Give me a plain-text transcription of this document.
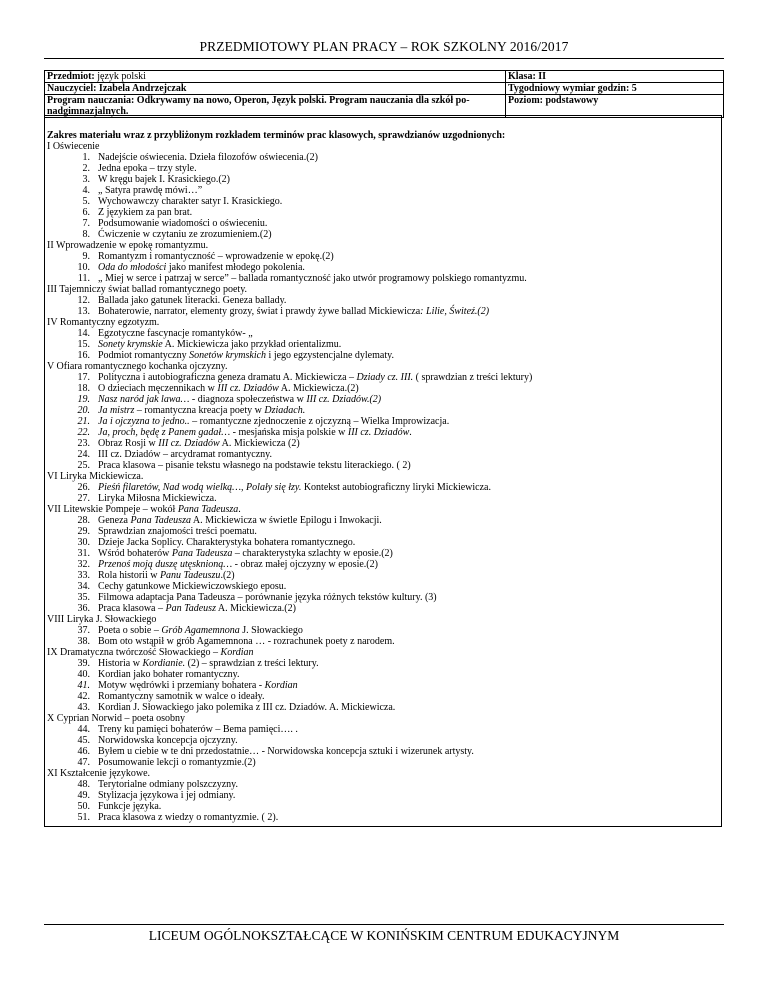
PRZEDMIOTOWY PLAN PRACY – ROK SZKOLNY 2016/2017
Przedmiot: język polski	Klasa: II
Nauczyciel: Izabela Andrzejczak	Tygodniowy wymiar godzin: 5
Program nauczania: Odkrywamy na nowo, Operon, Język polski. Program nauczania dla szkół po-
nadgimnazjalnych.	Poziom: podstawowy
Zakres materiału wraz z przybliżonym rozkładem terminów prac klasowych, sprawdzianów uzgodnionych:
I Oświecenie
1. Nadejście oświecenia. Dzieła filozofów oświecenia.(2)
2. Jedna epoka – trzy style.
3. W kręgu bajek I. Krasickiego.(2)
4. „ Satyra prawdę mówi…”
5. Wychowawczy charakter satyr I. Krasickiego.
6. Z językiem za pan brat.
7. Podsumowanie wiadomości o oświeceniu.
8. Ćwiczenie w czytaniu ze zrozumieniem.(2)
II Wprowadzenie w epokę romantyzmu.
9. Romantyzm i romantyczność – wprowadzenie w epokę.(2)
10. Oda do młodości jako manifest młodego pokolenia.
11. „ Miej w serce i patrzaj w serce” – ballada romantyczność jako utwór programowy polskiego romantyzmu.
III Tajemniczy świat ballad romantycznego poety.
12. Ballada jako gatunek literacki. Geneza ballady.
13. Bohaterowie, narrator, elementy grozy, świat i prawdy żywe ballad Mickiewicza: Lilie, Świteź.(2)
IV Romantyczny egzotyzm.
14. Egzotyczne fascynacje romantyków- „
15. Sonety krymskie A. Mickiewicza jako przykład orientalizmu.
16. Podmiot romantyczny Sonetów krymskich i jego egzystencjalne dylematy.
V Ofiara romantycznego kochanka ojczyzny.
17. Polityczna i autobiograficzna geneza dramatu A. Mickiewicza – Dziady cz. III. ( sprawdzian z treści lektury)
18. O dzieciach męczennikach w III cz. Dziadów A. Mickiewicza.(2)
19. Nasz naród jak lawa… - diagnoza społeczeństwa w III cz. Dziadów.(2)
20. Ja mistrz – romantyczna kreacja poety w Dziadach.
21. Ja i ojczyzna to jedno.. – romantyczne zjednoczenie z ojczyzną – Wielka Improwizacja.
22. Ja, proch, będę z Panem gadał… - mesjańska misja polskie w III cz. Dziadów.
23. Obraz Rosji w III cz. Dziadów A. Mickiewicza (2)
24. III cz. Dziadów – arcydramat romantyczny.
25. Praca klasowa – pisanie tekstu własnego na podstawie tekstu literackiego. ( 2)
VI Liryka Mickiewicza.
26. Pieśń filaretów, Nad wodą wielką…, Polały się łzy. Kontekst autobiograficzny liryki Mickiewicza.
27. Liryka Miłosna Mickiewicza.
VII Litewskie Pompeje – wokół Pana Tadeusza.
28. Geneza Pana Tadeusza A. Mickiewicza w świetle Epilogu i Inwokacji.
29. Sprawdzian znajomości treści poematu.
30. Dzieje Jacka Soplicy. Charakterystyka bohatera romantycznego.
31. Wśród bohaterów Pana Tadeusza – charakterystyka szlachty w eposie.(2)
32. Przenoś moją duszę utęsknioną… - obraz małej ojczyzny w eposie.(2)
33. Rola historii w Panu Tadeuszu.(2)
34. Cechy gatunkowe Mickiewiczowskiego eposu.
35. Filmowa adaptacja Pana Tadeusza – porównanie języka różnych tekstów kultury. (3)
36. Praca klasowa – Pan Tadeusz A. Mickiewicza.(2)
VIII Liryka J. Słowackiego
37. Poeta o sobie – Grób Agamemnona J. Słowackiego
38. Bom oto wstąpił w grób Agamemnona … - rozrachunek poety z narodem.
IX Dramatyczna twórczość Słowackiego – Kordian
39. Historia w Kordianie. (2) – sprawdzian z treści lektury.
40. Kordian jako bohater romantyczny.
41. Motyw wędrówki i przemiany bohatera - Kordian
42. Romantyczny samotnik w walce o ideały.
43. Kordian J. Słowackiego jako polemika z III cz. Dziadów. A. Mickiewicza.
X Cyprian Norwid – poeta osobny
44. Treny ku pamięci bohaterów – Bema pamięci…. .
45. Norwidowska koncepcja ojczyzny.
46. Byłem u ciebie w te dni przedostatnie… - Norwidowska koncepcja sztuki i wizerunek artysty.
47. Posumowanie lekcji o romantyzmie.(2)
XI Kształcenie językowe.
48. Terytorialne odmiany polszczyzny.
49. Stylizacja językowa i jej odmiany.
50. Funkcje języka.
51. Praca klasowa z wiedzy o romantyzmie. ( 2).
LICEUM OGÓLNOKSZTAŁCĄCE W KONIŃSKIM CENTRUM EDUKACYJNYM
